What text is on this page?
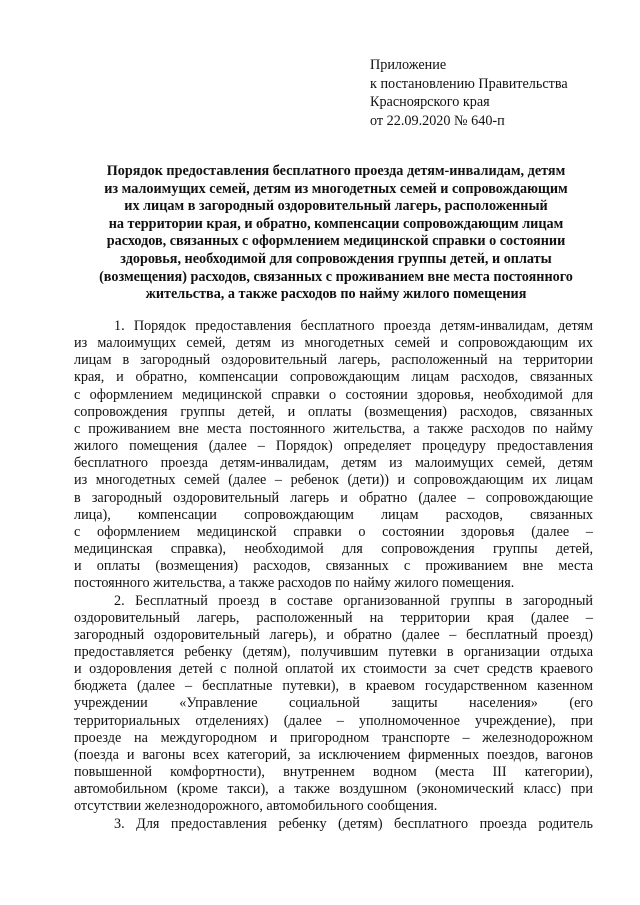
Приложение
к постановлению Правительства
Красноярского края
от 22.09.2020 № 640-п
Порядок предоставления бесплатного проезда детям-инвалидам, детям
из малоимущих семей, детям из многодетных семей и сопровождающим
их лицам в загородный оздоровительный лагерь, расположенный
на территории края, и обратно, компенсации сопровождающим лицам
расходов, связанных с оформлением медицинской справки о состоянии
здоровья, необходимой для сопровождения группы детей, и оплаты
(возмещения) расходов, связанных с проживанием вне места постоянного
жительства, а также расходов по найму жилого помещения
1. Порядок предоставления бесплатного проезда детям-инвалидам, детям
из малоимущих семей, детям из многодетных семей и сопровождающим их
лицам в загородный оздоровительный лагерь, расположенный на территории
края, и обратно, компенсации сопровождающим лицам расходов, связанных
с оформлением медицинской справки о состоянии здоровья, необходимой для
сопровождения группы детей, и оплаты (возмещения) расходов, связанных
с проживанием вне места постоянного жительства, а также расходов по найму
жилого помещения (далее – Порядок) определяет процедуру предоставления
бесплатного проезда детям-инвалидам, детям из малоимущих семей, детям
из многодетных семей (далее – ребенок (дети)) и сопровождающим их лицам
в загородный оздоровительный лагерь и обратно (далее – сопровождающие
лица), компенсации сопровождающим лицам расходов, связанных
с оформлением медицинской справки о состоянии здоровья (далее –
медицинская справка), необходимой для сопровождения группы детей,
и оплаты (возмещения) расходов, связанных с проживанием вне места
постоянного жительства, а также расходов по найму жилого помещения.
2. Бесплатный проезд в составе организованной группы в загородный
оздоровительный лагерь, расположенный на территории края (далее –
загородный оздоровительный лагерь), и обратно (далее – бесплатный проезд)
предоставляется ребенку (детям), получившим путевки в организации отдыха
и оздоровления детей с полной оплатой их стоимости за счет средств краевого
бюджета (далее – бесплатные путевки), в краевом государственном казенном
учреждении «Управление социальной защиты населения» (его
территориальных отделениях) (далее – уполномоченное учреждение), при
проезде на междугородном и пригородном транспорте – железнодорожном
(поезда и вагоны всех категорий, за исключением фирменных поездов, вагонов
повышенной комфортности), внутреннем водном (места III категории),
автомобильном (кроме такси), а также воздушном (экономический класс) при
отсутствии железнодорожного, автомобильного сообщения.
3. Для предоставления ребенку (детям) бесплатного проезда родитель
